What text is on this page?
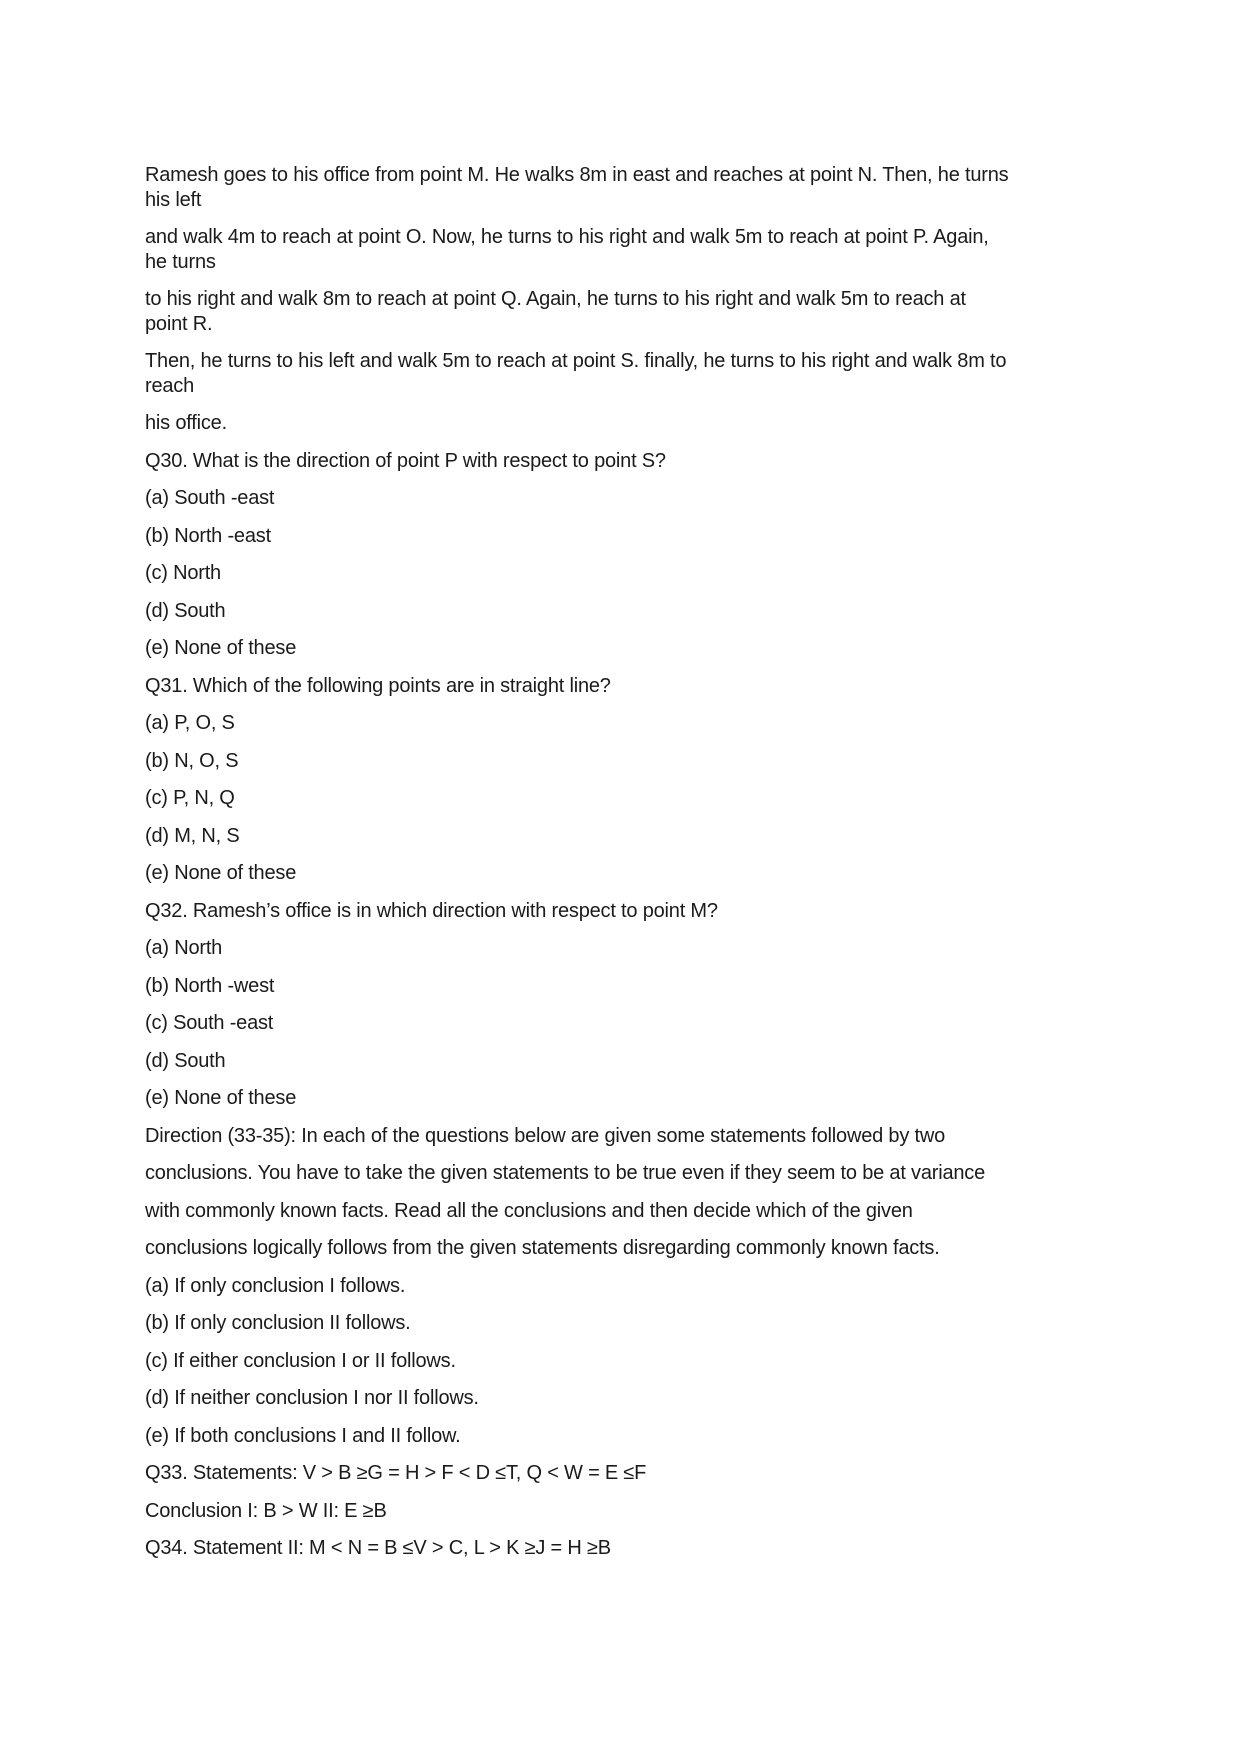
Ramesh goes to his office from point M. He walks 8m in east and reaches at point N. Then, he turns
his left
and walk 4m to reach at point O. Now, he turns to his right and walk 5m to reach at point P. Again,
he turns
to his right and walk 8m to reach at point Q. Again, he turns to his right and walk 5m to reach at
point R.
Then, he turns to his left and walk 5m to reach at point S. finally, he turns to his right and walk 8m to
reach
his office.
Q30. What is the direction of point P with respect to point S?
(a) South -east
(b) North -east
(c) North
(d) South
(e) None of these
Q31. Which of the following points are in straight line?
(a) P, O, S
(b) N, O, S
(c) P, N, Q
(d) M, N, S
(e) None of these
Q32. Ramesh’s office is in which direction with respect to point M?
(a) North
(b) North -west
(c) South -east
(d) South
(e) None of these
Direction (33-35): In each of the questions below are given some statements followed by two
conclusions. You have to take the given statements to be true even if they seem to be at variance
with commonly known facts. Read all the conclusions and then decide which of the given
conclusions logically follows from the given statements disregarding commonly known facts.
(a) If only conclusion I follows.
(b) If only conclusion II follows.
(c) If either conclusion I or II follows.
(d) If neither conclusion I nor II follows.
(e) If both conclusions I and II follow.
Q33. Statements: V > B ≥G = H > F < D ≤T, Q < W = E ≤F
Conclusion I: B > W II: E ≥B
Q34. Statement II: M < N = B ≤V > C, L > K ≥J = H ≥B
